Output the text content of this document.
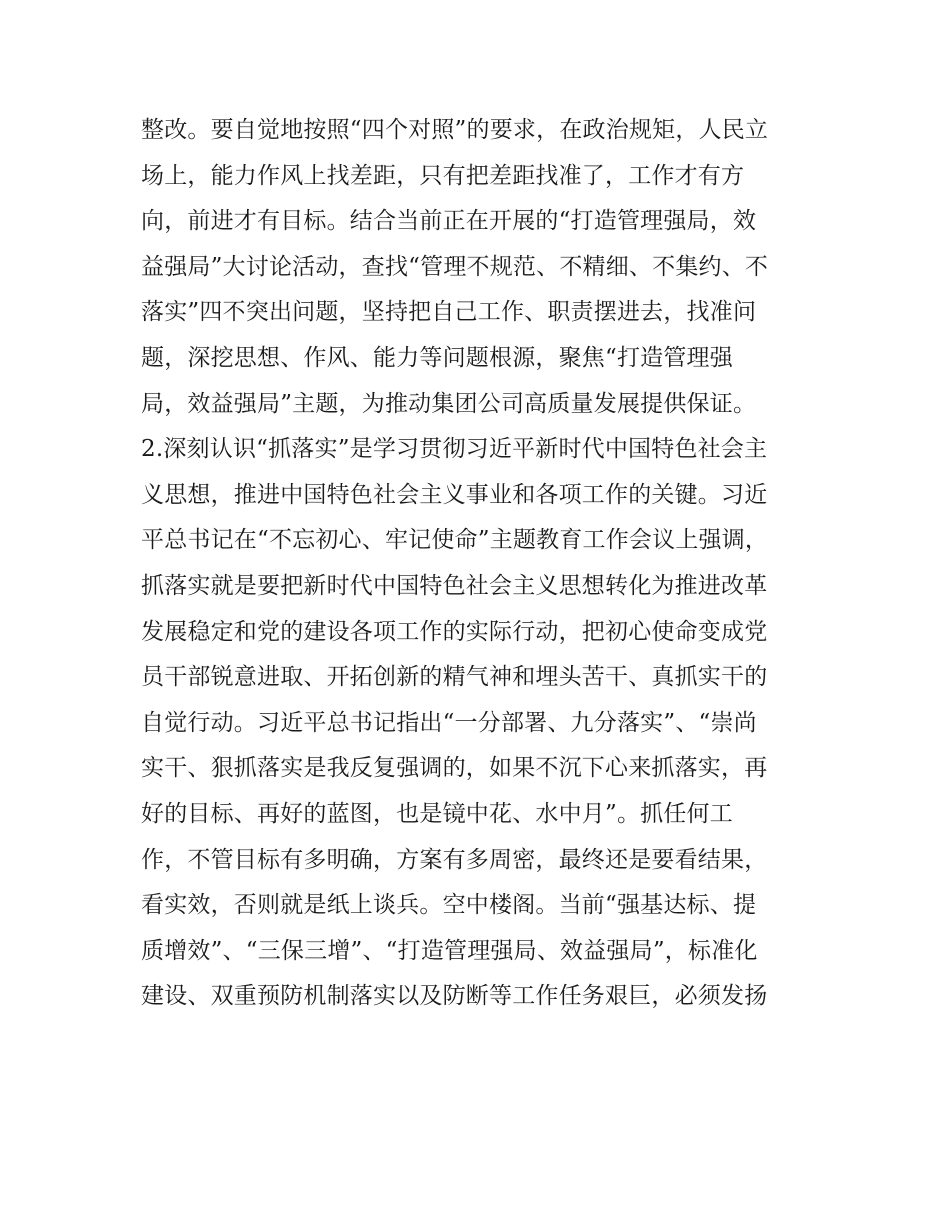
整改。要自觉地按照“四个对照”的要求，在政治规矩，人民立
场上，能力作风上找差距，只有把差距找准了，工作才有方
向，前进才有目标。结合当前正在开展的“打造管理强局，效
益强局”大讨论活动，查找“管理不规范、不精细、不集约、不
落实”四不突出问题，坚持把自己工作、职责摆进去，找准问
题，深挖思想、作风、能力等问题根源，聚焦“打造管理强
局，效益强局”主题，为推动集团公司高质量发展提供保证。
2.深刻认识“抓落实”是学习贯彻习近平新时代中国特色社会主
义思想，推进中国特色社会主义事业和各项工作的关键。习近
平总书记在“不忘初心、牢记使命”主题教育工作会议上强调，
抓落实就是要把新时代中国特色社会主义思想转化为推进改革
发展稳定和党的建设各项工作的实际行动，把初心使命变成党
员干部锐意进取、开拓创新的精气神和埋头苦干、真抓实干的
自觉行动。习近平总书记指出“一分部署、九分落实”、“崇尚
实干、狠抓落实是我反复强调的，如果不沉下心来抓落实，再
好的目标、再好的蓝图，也是镜中花、水中月”。抓任何工
作，不管目标有多明确，方案有多周密，最终还是要看结果，
看实效，否则就是纸上谈兵。空中楼阁。当前“强基达标、提
质增效”、“三保三增”、“打造管理强局、效益强局”，标准化
建设、双重预防机制落实以及防断等工作任务艰巨，必须发扬
